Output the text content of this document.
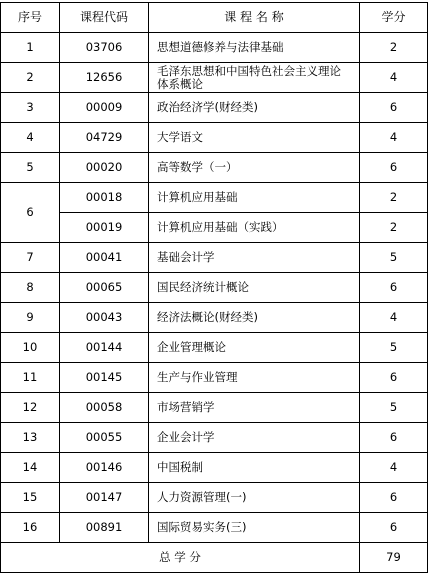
序号	课程代码	课 程 名 称	学分
1	03706	思想道德修养与法律基础	2
2	12656	毛泽东思想和中国特色社会主义理论体系概论	4
3	00009	政治经济学(财经类)	6
4	04729	大学语文	4
5	00020	高等数学（一）	6
6	00018	计算机应用基础	2
	00019	计算机应用基础（实践）	2
7	00041	基础会计学	5
8	00065	国民经济统计概论	6
9	00043	经济法概论(财经类)	4
10	00144	企业管理概论	5
11	00145	生产与作业管理	6
12	00058	市场营销学	5
13	00055	企业会计学	6
14	00146	中国税制	4
15	00147	人力资源管理(一)	6
16	00891	国际贸易实务(三)	6
总 学 分			79
